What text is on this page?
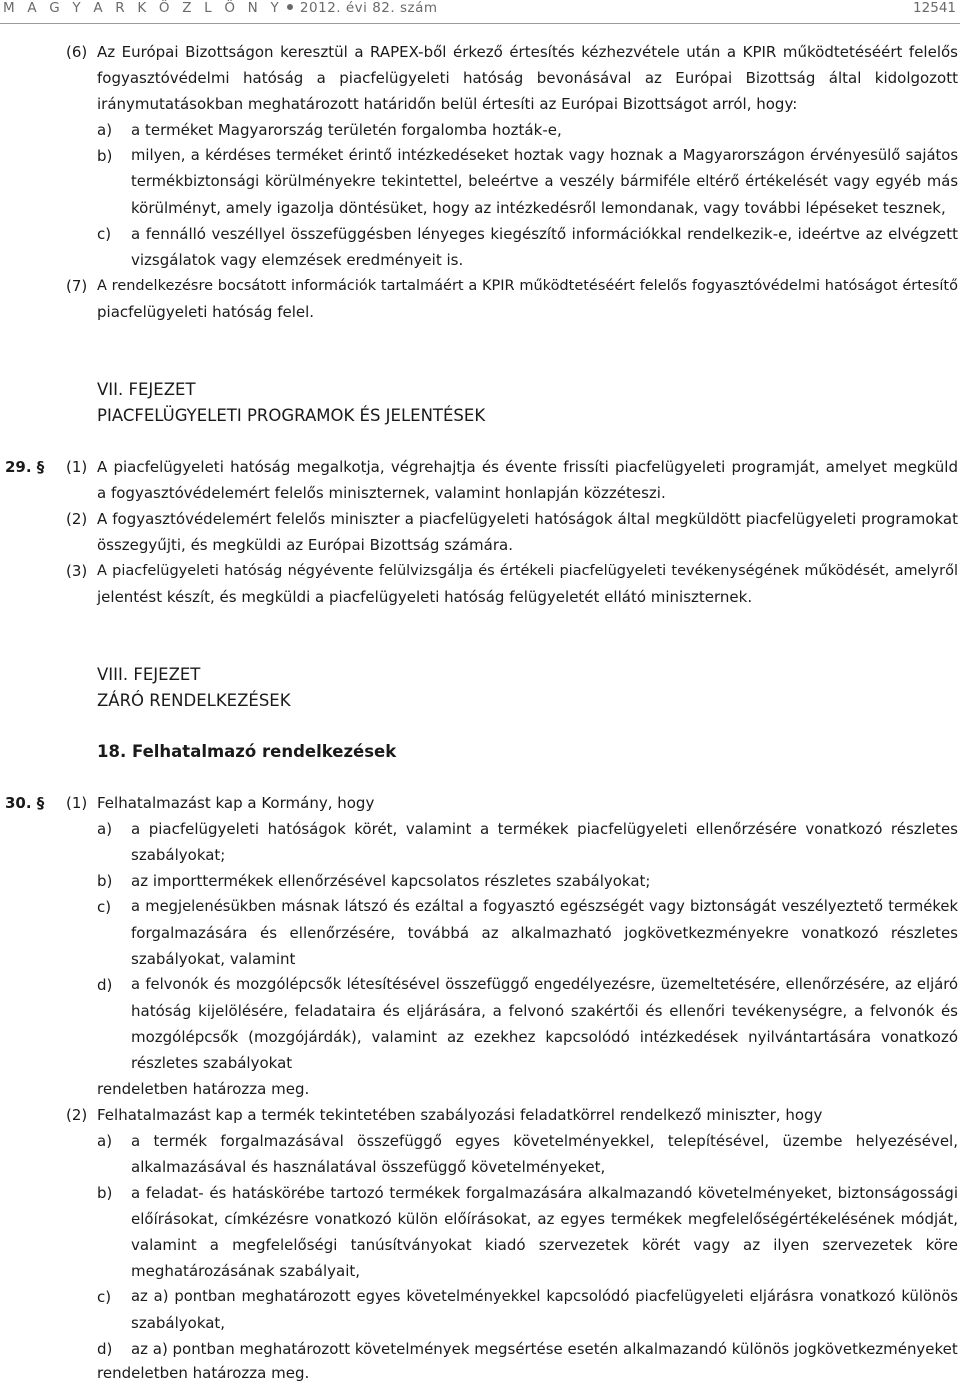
M A G Y A R K Ö Z L Ö N Y 2012. évi 82. szám	12541
(6) Az Európai Bizottságon keresztül a RAPEX-ből érkező értesítés kézhezvétele után a KPIR működtetéséért felelős
fogyasztóvédelmi hatóság a piacfelügyeleti hatóság bevonásával az Európai Bizottság által kidolgozott
iránymutatásokban meghatározott határidőn belül értesíti az Európai Bizottságot arról, hogy:
a) a terméket Magyarország területén forgalomba hozták-e,
b) milyen, a kérdéses terméket érintő intézkedéseket hoztak vagy hoznak a Magyarországon érvényesülő sajátos
termékbiztonsági körülményekre tekintettel, beleértve a veszély bármiféle eltérő értékelését vagy egyéb más
körülményt, amely igazolja döntésüket, hogy az intézkedésről lemondanak, vagy további lépéseket tesznek,
c) a fennálló veszéllyel összefüggésben lényeges kiegészítő információkkal rendelkezik-e, ideértve az elvégzett
vizsgálatok vagy elemzések eredményeit is.
(7) A rendelkezésre bocsátott információk tartalmáért a KPIR működtetéséért felelős fogyasztóvédelmi hatóságot értesítő
piacfelügyeleti hatóság felel.
VII. FEJEZET
PIACFELÜGYELETI PROGRAMOK ÉS JELENTÉSEK
29. § (1) A piacfelügyeleti hatóság megalkotja, végrehajtja és évente frissíti piacfelügyeleti programját, amelyet megküld
a fogyasztóvédelemért felelős miniszternek, valamint honlapján közzéteszi.
(2) A fogyasztóvédelemért felelős miniszter a piacfelügyeleti hatóságok által megküldött piacfelügyeleti programokat
összegyűjti, és megküldi az Európai Bizottság számára.
(3) A piacfelügyeleti hatóság négyévente felülvizsgálja és értékeli piacfelügyeleti tevékenységének működését, amelyről
jelentést készít, és megküldi a piacfelügyeleti hatóság felügyeletét ellátó miniszternek.
VIII. FEJEZET
ZÁRÓ RENDELKEZÉSEK
18. Felhatalmazó rendelkezések
30. § (1) Felhatalmazást kap a Kormány, hogy
a) a piacfelügyeleti hatóságok körét, valamint a termékek piacfelügyeleti ellenőrzésére vonatkozó részletes
szabályokat;
b) az importtermékek ellenőrzésével kapcsolatos részletes szabályokat;
c) a megjelenésükben másnak látszó és ezáltal a fogyasztó egészségét vagy biztonságát veszélyeztető termékek
forgalmazására és ellenőrzésére, továbbá az alkalmazható jogkövetkezményekre vonatkozó részletes
szabályokat, valamint
d) a felvonók és mozgólépcsők létesítésével összefüggő engedélyezésre, üzemeltetésére, ellenőrzésére, az eljáró
hatóság kijelölésére, feladataira és eljárására, a felvonó szakértői és ellenőri tevékenységre, a felvonók és
mozgólépcsők (mozgójárdák), valamint az ezekhez kapcsolódó intézkedések nyilvántartására vonatkozó
részletes szabályokat
rendeletben határozza meg.
(2) Felhatalmazást kap a termék tekintetében szabályozási feladatkörrel rendelkező miniszter, hogy
a) a termék forgalmazásával összefüggő egyes követelményekkel, telepítésével, üzembe helyezésével,
alkalmazásával és használatával összefüggő követelményeket,
b) a feladat- és hatáskörébe tartozó termékek forgalmazására alkalmazandó követelményeket, biztonságossági
előírásokat, címkézésre vonatkozó külön előírásokat, az egyes termékek megfelelőségértékelésének módját,
valamint a megfelelőségi tanúsítványokat kiadó szervezetek körét vagy az ilyen szervezetek köre
meghatározásának szabályait,
c) az a) pontban meghatározott egyes követelményekkel kapcsolódó piacfelügyeleti eljárásra vonatkozó különös
szabályokat,
d) az a) pontban meghatározott követelmények megsértése esetén alkalmazandó különös jogkövetkezményeket
rendeletben határozza meg.
